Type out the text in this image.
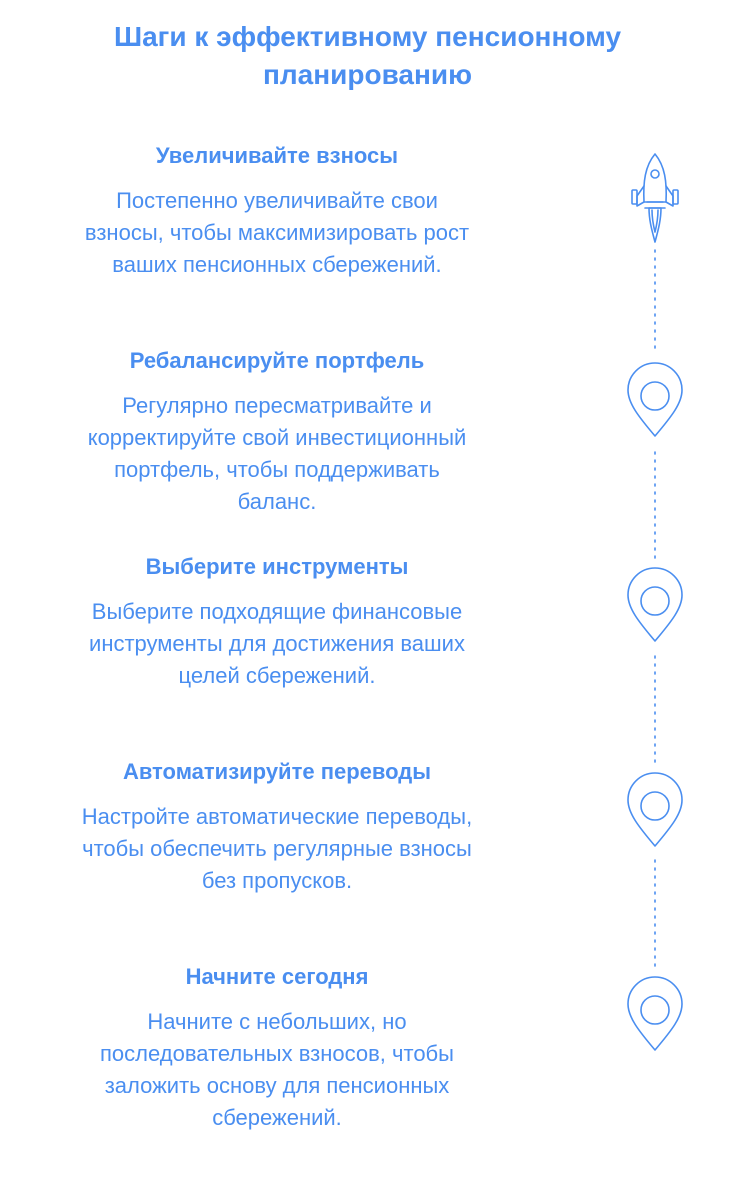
Шаги к эффективному пенсионному
планированию

Увеличивайте взносы

Постепенно увеличивайте свои
взносы, чтобы максимизировать рост
ваших пенсионных сбережений.

Ребалансируйте портфель

Регулярно пересматривайте и
корректируйте свой инвестиционный
портфель, чтобы поддерживать
баланс.

Выберите инструменты

Выберите подходящие финансовые
инструменты для достижения ваших
целей сбережений.

Автоматизируйте переводы

Настройте автоматические переводы,
чтобы обеспечить регулярные взносы
без пропусков.

Начните сегодня

Начните с небольших, но
последовательных взносов, чтобы
заложить основу для пенсионных
сбережений.
